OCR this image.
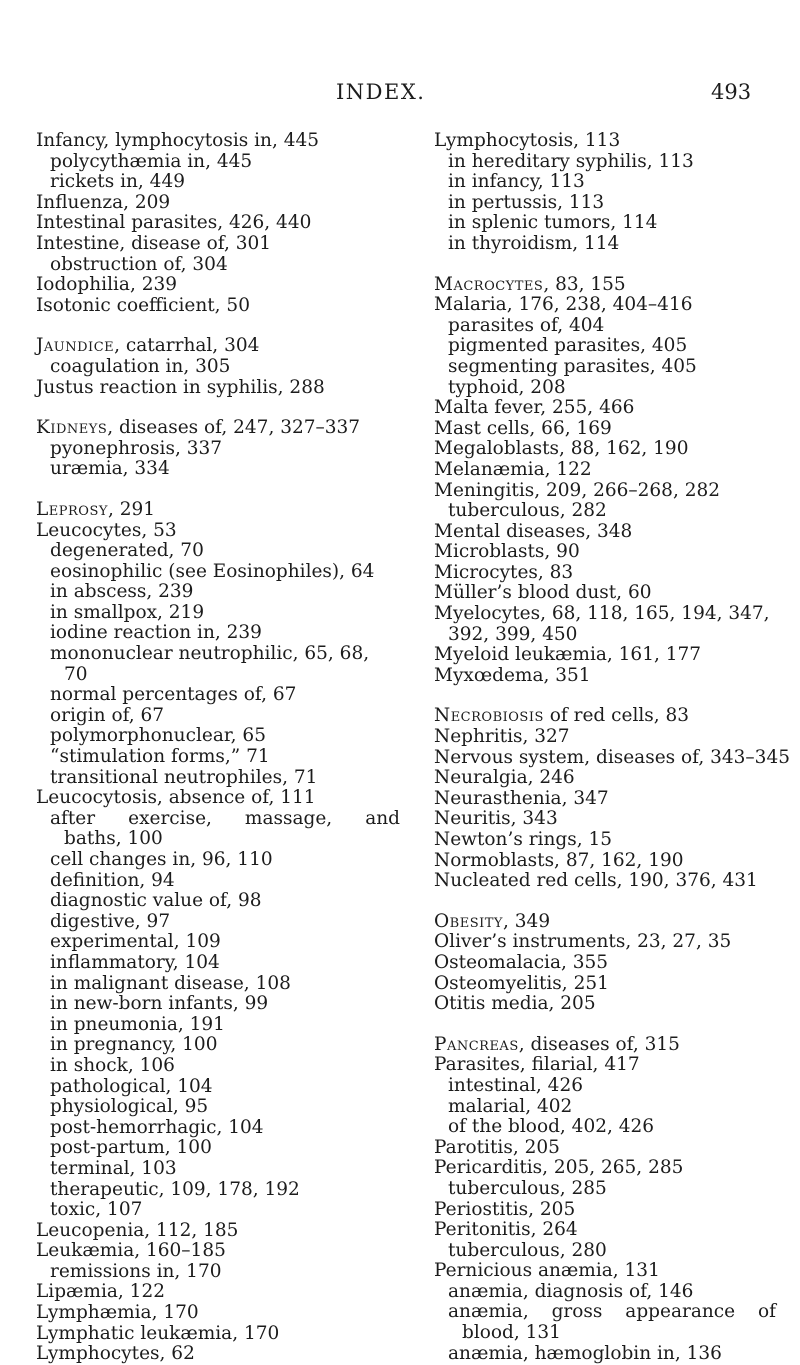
INDEX.	493
Infancy, lymphocytosis in, 445
polycythæmia in, 445
rickets in, 449
Influenza, 209
Intestinal parasites, 426, 440
Intestine, disease of, 301
obstruction of, 304
Iodophilia, 239
Isotonic coefficient, 50
Jaundice, catarrhal, 304
coagulation in, 305
Justus reaction in syphilis, 288
Kidneys, diseases of, 247, 327–337
pyonephrosis, 337
uræmia, 334
Leprosy, 291
Leucocytes, 53
degenerated, 70
eosinophilic (see Eosinophiles), 64
in abscess, 239
in smallpox, 219
iodine reaction in, 239
mononuclear neutrophilic, 65, 68,
70
normal percentages of, 67
origin of, 67
polymorphonuclear, 65
“stimulation forms,” 71
transitional neutrophiles, 71
Leucocytosis, absence of, 111
after exercise, massage, and
baths, 100
cell changes in, 96, 110
definition, 94
diagnostic value of, 98
digestive, 97
experimental, 109
inflammatory, 104
in malignant disease, 108
in new-born infants, 99
in pneumonia, 191
in pregnancy, 100
in shock, 106
pathological, 104
physiological, 95
post-hemorrhagic, 104
post-partum, 100
terminal, 103
therapeutic, 109, 178, 192
toxic, 107
Leucopenia, 112, 185
Leukæmia, 160–185
remissions in, 170
Lipæmia, 122
Lymphæmia, 170
Lymphatic leukæmia, 170
Lymphocytes, 62
Lymphocytosis, 113
in hereditary syphilis, 113
in infancy, 113
in pertussis, 113
in splenic tumors, 114
in thyroidism, 114
Macrocytes, 83, 155
Malaria, 176, 238, 404–416
parasites of, 404
pigmented parasites, 405
segmenting parasites, 405
typhoid, 208
Malta fever, 255, 466
Mast cells, 66, 169
Megaloblasts, 88, 162, 190
Melanæmia, 122
Meningitis, 209, 266–268, 282
tuberculous, 282
Mental diseases, 348
Microblasts, 90
Microcytes, 83
Müller’s blood dust, 60
Myelocytes, 68, 118, 165, 194, 347,
392, 399, 450
Myeloid leukæmia, 161, 177
Myxœdema, 351
Necrobiosis of red cells, 83
Nephritis, 327
Nervous system, diseases of, 343–345
Neuralgia, 246
Neurasthenia, 347
Neuritis, 343
Newton’s rings, 15
Normoblasts, 87, 162, 190
Nucleated red cells, 190, 376, 431
Obesity, 349
Oliver’s instruments, 23, 27, 35
Osteomalacia, 355
Osteomyelitis, 251
Otitis media, 205
Pancreas, diseases of, 315
Parasites, filarial, 417
intestinal, 426
malarial, 402
of the blood, 402, 426
Parotitis, 205
Pericarditis, 205, 265, 285
tuberculous, 285
Periostitis, 205
Peritonitis, 264
tuberculous, 280
Pernicious anæmia, 131
anæmia, diagnosis of, 146
anæmia, gross appearance of
blood, 131
anæmia, hæmoglobin in, 136
